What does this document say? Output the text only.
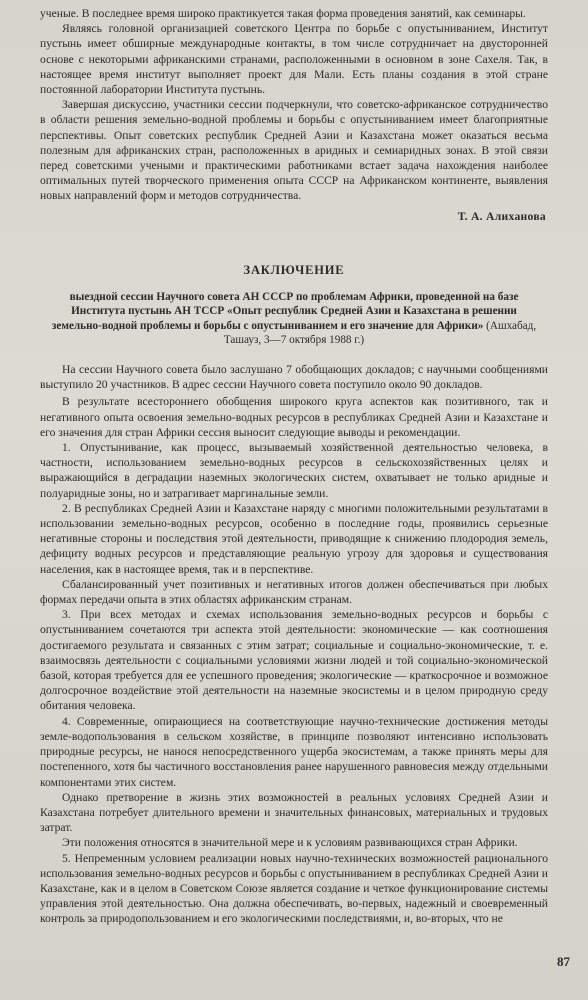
ученые. В последнее время широко практикуется такая форма проведения занятий, как семинары.

Являясь головной организацией советского Центра по борьбе с опустыниванием, Институт пустынь имеет обширные международные контакты, в том числе сотрудничает на двусторонней основе с некоторыми африканскими странами, расположенными в основном в зоне Сахеля. Так, в настоящее время институт выполняет проект для Мали. Есть планы создания в этой стране постоянной лаборатории Института пустынь.

Завершая дискуссию, участники сессии подчеркнули, что советско-африканское сотрудничество в области решения земельно-водной проблемы и борьбы с опустыниванием имеет благоприятные перспективы. Опыт советских республик Средней Азии и Казахстана может оказаться весьма полезным для африканских стран, расположенных в аридных и семиаридных зонах. В этой связи перед советскими учеными и практическими работниками встает задача нахождения наиболее оптимальных путей творческого применения опыта СССР на Африканском континенте, выявления новых направлений форм и методов сотрудничества.

Т. А. Алиханова
ЗАКЛЮЧЕНИЕ
выездной сессии Научного совета АН СССР по проблемам Африки, проведенной на базе Института пустынь АН ТССР «Опыт республик Средней Азии и Казахстана в решении земельно-водной проблемы и борьбы с опустыниванием и его значение для Африки» (Ашхабад, Ташауз, 3—7 октября 1988 г.)

На сессии Научного совета было заслушано 7 обобщающих докладов; с научными сообщениями выступило 20 участников. В адрес сессии Научного совета поступило около 90 докладов.

В результате всестороннего обобщения широкого круга аспектов как позитивного, так и негативного опыта освоения земельно-водных ресурсов в республиках Средней Азии и Казахстане и его значения для стран Африки сессия выносит следующие выводы и рекомендации.

1. Опустынивание, как процесс, вызываемый хозяйственной деятельностью человека, в частности, использованием земельно-водных ресурсов в сельскохозяйственных целях и выражающийся в деградации наземных экологических систем, охватывает не только аридные и полуаридные зоны, но и затрагивает маргинальные земли.

2. В республиках Средней Азии и Казахстане наряду с многими положительными результатами в использовании земельно-водных ресурсов, особенно в последние годы, проявились серьезные негативные стороны и последствия этой деятельности, приводящие к снижению плодородия земель, дефициту водных ресурсов и представляющие реальную угрозу для здоровья и существования населения, как в настоящее время, так и в перспективе.

Сбалансированный учет позитивных и негативных итогов должен обеспечиваться при любых формах передачи опыта в этих областях африканским странам.

3. При всех методах и схемах использования земельно-водных ресурсов и борьбы с опустыниванием сочетаются три аспекта этой деятельности: экономические — как соотношения достигаемого результата и связанных с этим затрат; социальные и социально-экономические, т. е. взаимосвязь деятельности с социальными условиями жизни людей и той социально-экономической базой, которая требуется для ее успешного проведения; экологические — краткосрочное и возможное долгосрочное воздействие этой деятельности на наземные экосистемы и в целом природную среду обитания человека.

4. Современные, опирающиеся на соответствующие научно-технические достижения методы земле-водопользования в сельском хозяйстве, в принципе позволяют интенсивно использовать природные ресурсы, не нанося непосредственного ущерба экосистемам, а также принять меры для постепенного, хотя бы частичного восстановления ранее нарушенного равновесия между отдельными компонентами этих систем.

Однако претворение в жизнь этих возможностей в реальных условиях Средней Азии и Казахстана потребует длительного времени и значительных финансовых, материальных и трудовых затрат.

Эти положения относятся в значительной мере и к условиям развивающихся стран Африки.

5. Непременным условием реализации новых научно-технических возможностей рационального использования земельно-водных ресурсов и борьбы с опустыниванием в республиках Средней Азии и Казахстане, как и в целом в Советском Союзе является создание и четкое функционирование системы управления этой деятельностью. Она должна обеспечивать, во-первых, надежный и своевременный контроль за природопользованием и его экологическими последствиями, и, во-вторых, что не

87
